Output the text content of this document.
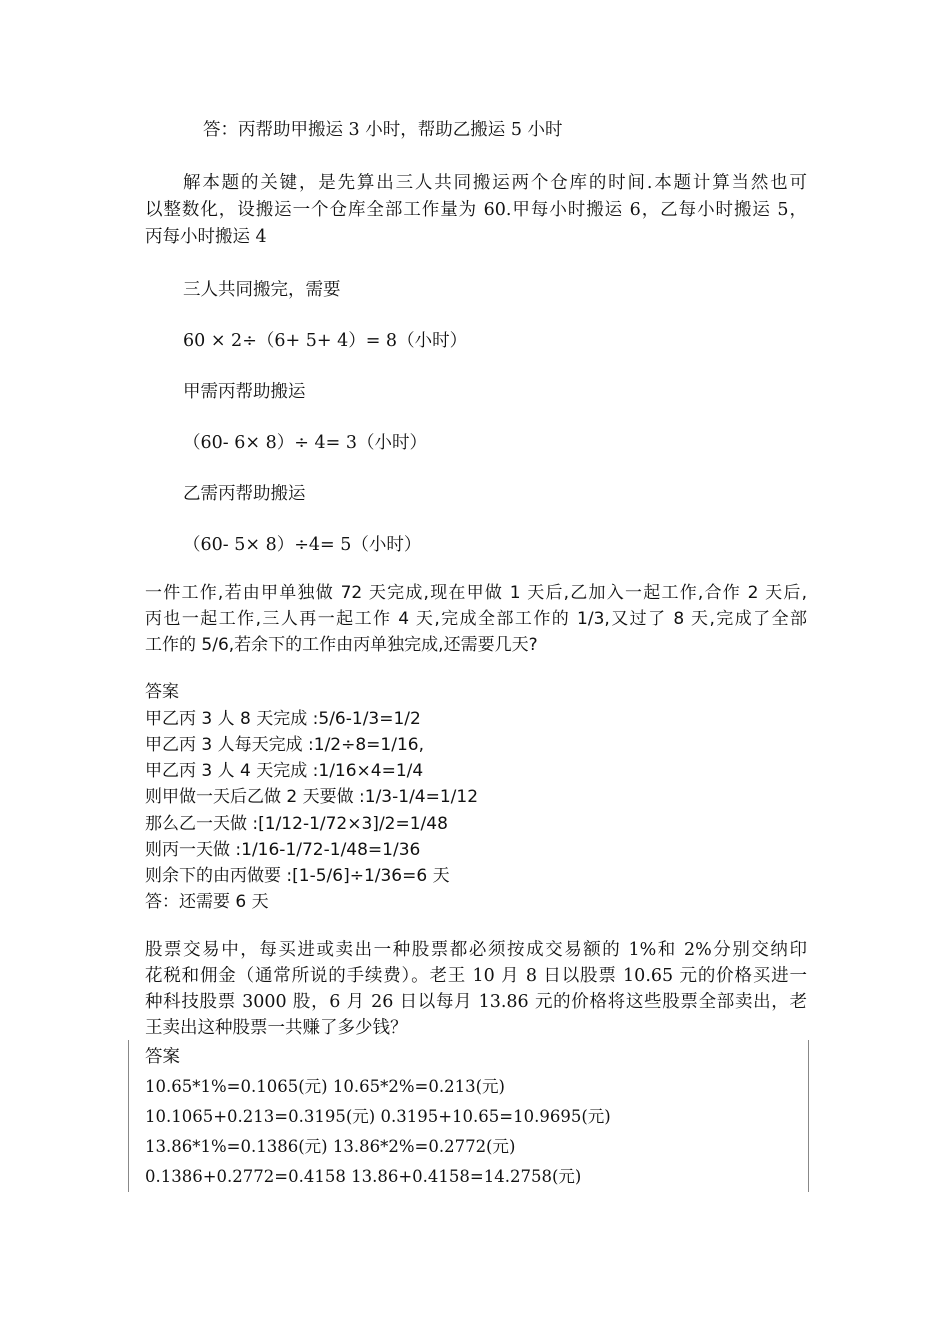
答：丙帮助甲搬运 3 小时，帮助乙搬运 5 小时
解本题的关键，是先算出三人共同搬运两个仓库的时间.本题计算当然也可
以整数化，设搬运一个仓库全部工作量为 60.甲每小时搬运 6，乙每小时搬运 5，
丙每小时搬运 4
三人共同搬完，需要
60 × 2÷（6+ 5+ 4）= 8（小时）
甲需丙帮助搬运
（60- 6× 8）÷ 4= 3（小时）
乙需丙帮助搬运
（60- 5× 8）÷4= 5（小时）
一件工作,若由甲单独做 72 天完成,现在甲做 1 天后,乙加入一起工作,合作 2 天后,
丙也一起工作,三人再一起工作 4 天,完成全部工作的 1/3,又过了 8 天,完成了全部
工作的 5/6,若余下的工作由丙单独完成,还需要几天?
答案
甲乙丙 3 人 8 天完成 :5/6-1/3=1/2
甲乙丙 3 人每天完成 :1/2÷8=1/16,
甲乙丙 3 人 4 天完成 :1/16×4=1/4
则甲做一天后乙做 2 天要做 :1/3-1/4=1/12
那么乙一天做 :[1/12-1/72×3]/2=1/48
则丙一天做 :1/16-1/72-1/48=1/36
则余下的由丙做要 :[1-5/6]÷1/36=6 天
答：还需要 6 天
股票交易中，每买进或卖出一种股票都必须按成交易额的 1%和 2%分别交纳印
花税和佣金（通常所说的手续费）。老王 10 月 8 日以股票 10.65 元的价格买进一
种科技股票 3000 股，6 月 26 日以每月 13.86 元的价格将这些股票全部卖出，老
王卖出这种股票一共赚了多少钱？
答案
10.65*1%=0.1065(元) 10.65*2%=0.213(元)
10.1065+0.213=0.3195(元) 0.3195+10.65=10.9695(元)
13.86*1%=0.1386(元) 13.86*2%=0.2772(元)
0.1386+0.2772=0.4158 13.86+0.4158=14.2758(元)
